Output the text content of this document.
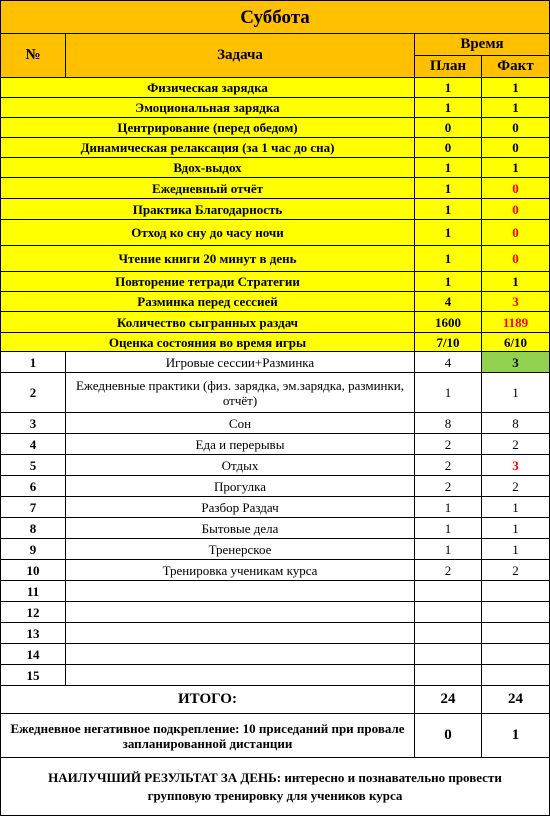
Суббота			
№	Задача	Время	
		План	Факт
Физическая зарядка		1	1
Эмоциональная зарядка		1	1
Центрирование (перед обедом)		0	0
Динамическая релаксация (за 1 час до сна)		0	0
Вдох-выдох		1	1
Ежедневный отчёт		1	0
Практика Благодарность		1	0
Отход ко сну до часу ночи		1	0
Чтение книги 20 минут в день		1	0
Повторение тетради Стратегии		1	1
Разминка перед сессией		4	3
Количество сыгранных раздач		1600	1189
Оценка состояния во время игры		7/10	6/10
1	Игровые сессии+Разминка	4	3
2	Ежедневные практики (физ. зарядка, эм.зарядка, разминки, отчёт)	1	1
3	Сон	8	8
4	Еда и перерывы	2	2
5	Отдых	2	3
6	Прогулка	2	2
7	Разбор Раздач	1	1
8	Бытовые дела	1	1
9	Тренерское	1	1
10	Тренировка ученикам курса	2	2
11			
12			
13			
14			
15			
ИТОГО:		24	24
Ежедневное негативное подкрепление: 10 приседаний при провале запланированной дистанции		0	1
НАИЛУЧШИЙ РЕЗУЛЬТАТ ЗА ДЕНЬ: интересно и познавательно провести групповую тренировку для учеников курса			
